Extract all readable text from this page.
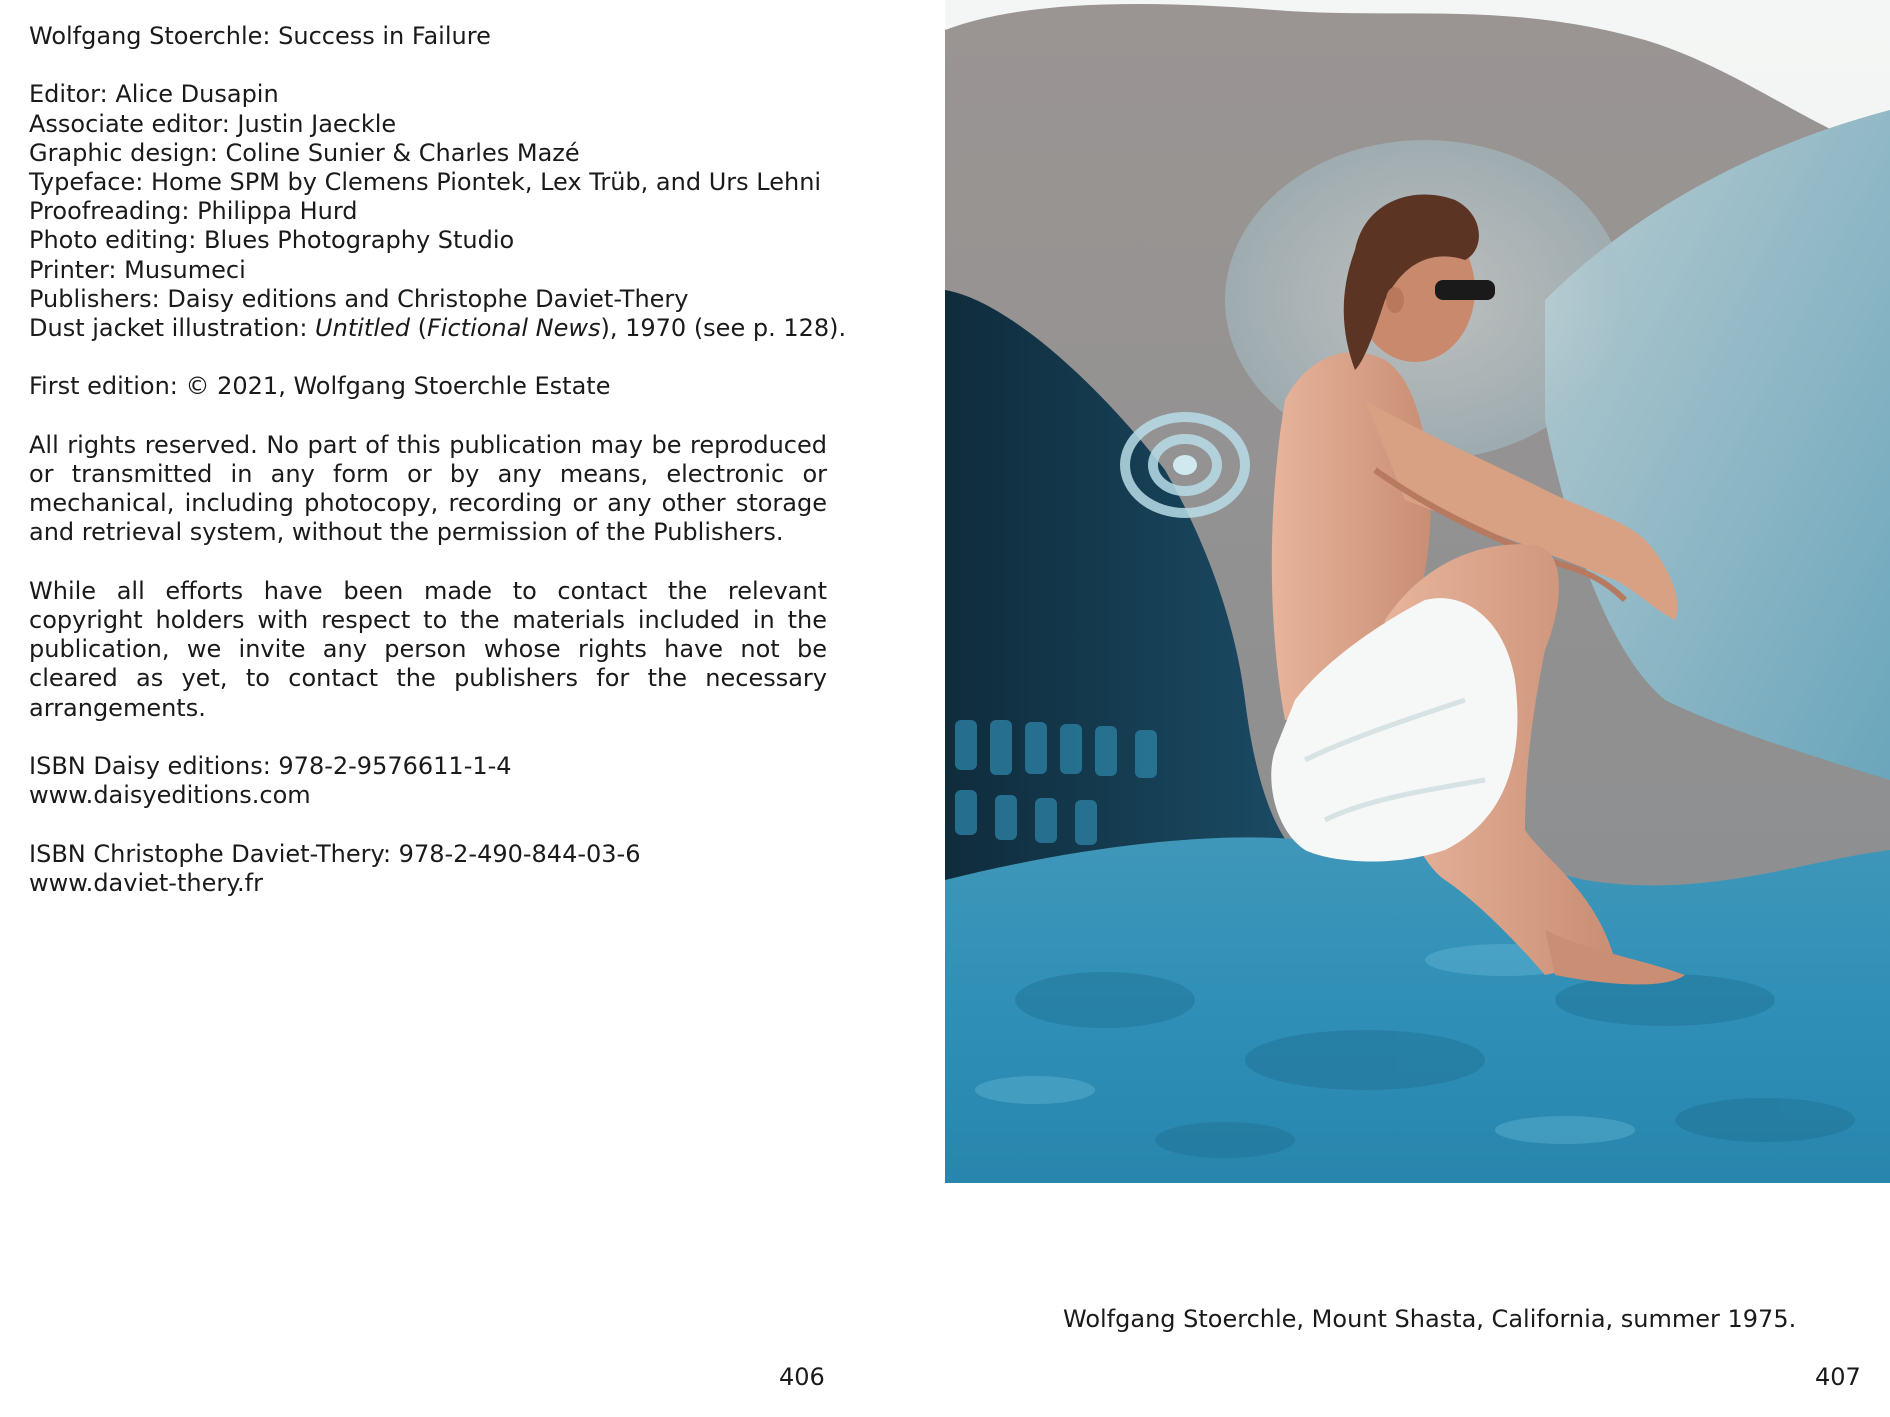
Wolfgang Stoerchle: Success in Failure

Editor: Alice Dusapin
Associate editor: Justin Jaeckle
Graphic design: Coline Sunier & Charles Mazé
Typeface: Home SPM by Clemens Piontek, Lex Trüb, and Urs Lehni
Proofreading: Philippa Hurd
Photo editing: Blues Photography Studio
Printer: Musumeci
Publishers: Daisy editions and Christophe Daviet-Thery
Dust jacket illustration: Untitled (Fictional News), 1970 (see p. 128).

First edition: © 2021, Wolfgang Stoerchle Estate

All rights reserved. No part of this publication may be reproduced or transmitted in any form or by any means, electronic or mechanical, including photocopy, recording or any other storage and retrieval system, without the permission of the Publishers.

While all efforts have been made to contact the relevant copyright holders with respect to the materials included in the publication, we invite any person whose rights have not be cleared as yet, to contact the publishers for the necessary arrangements.

ISBN Daisy editions: 978-2-9576611-1-4
www.daisyeditions.com

ISBN Christophe Daviet-Thery: 978-2-490-844-03-6
www.daviet-thery.fr

Wolfgang Stoerchle, Mount Shasta, California, summer 1975.
406	407
